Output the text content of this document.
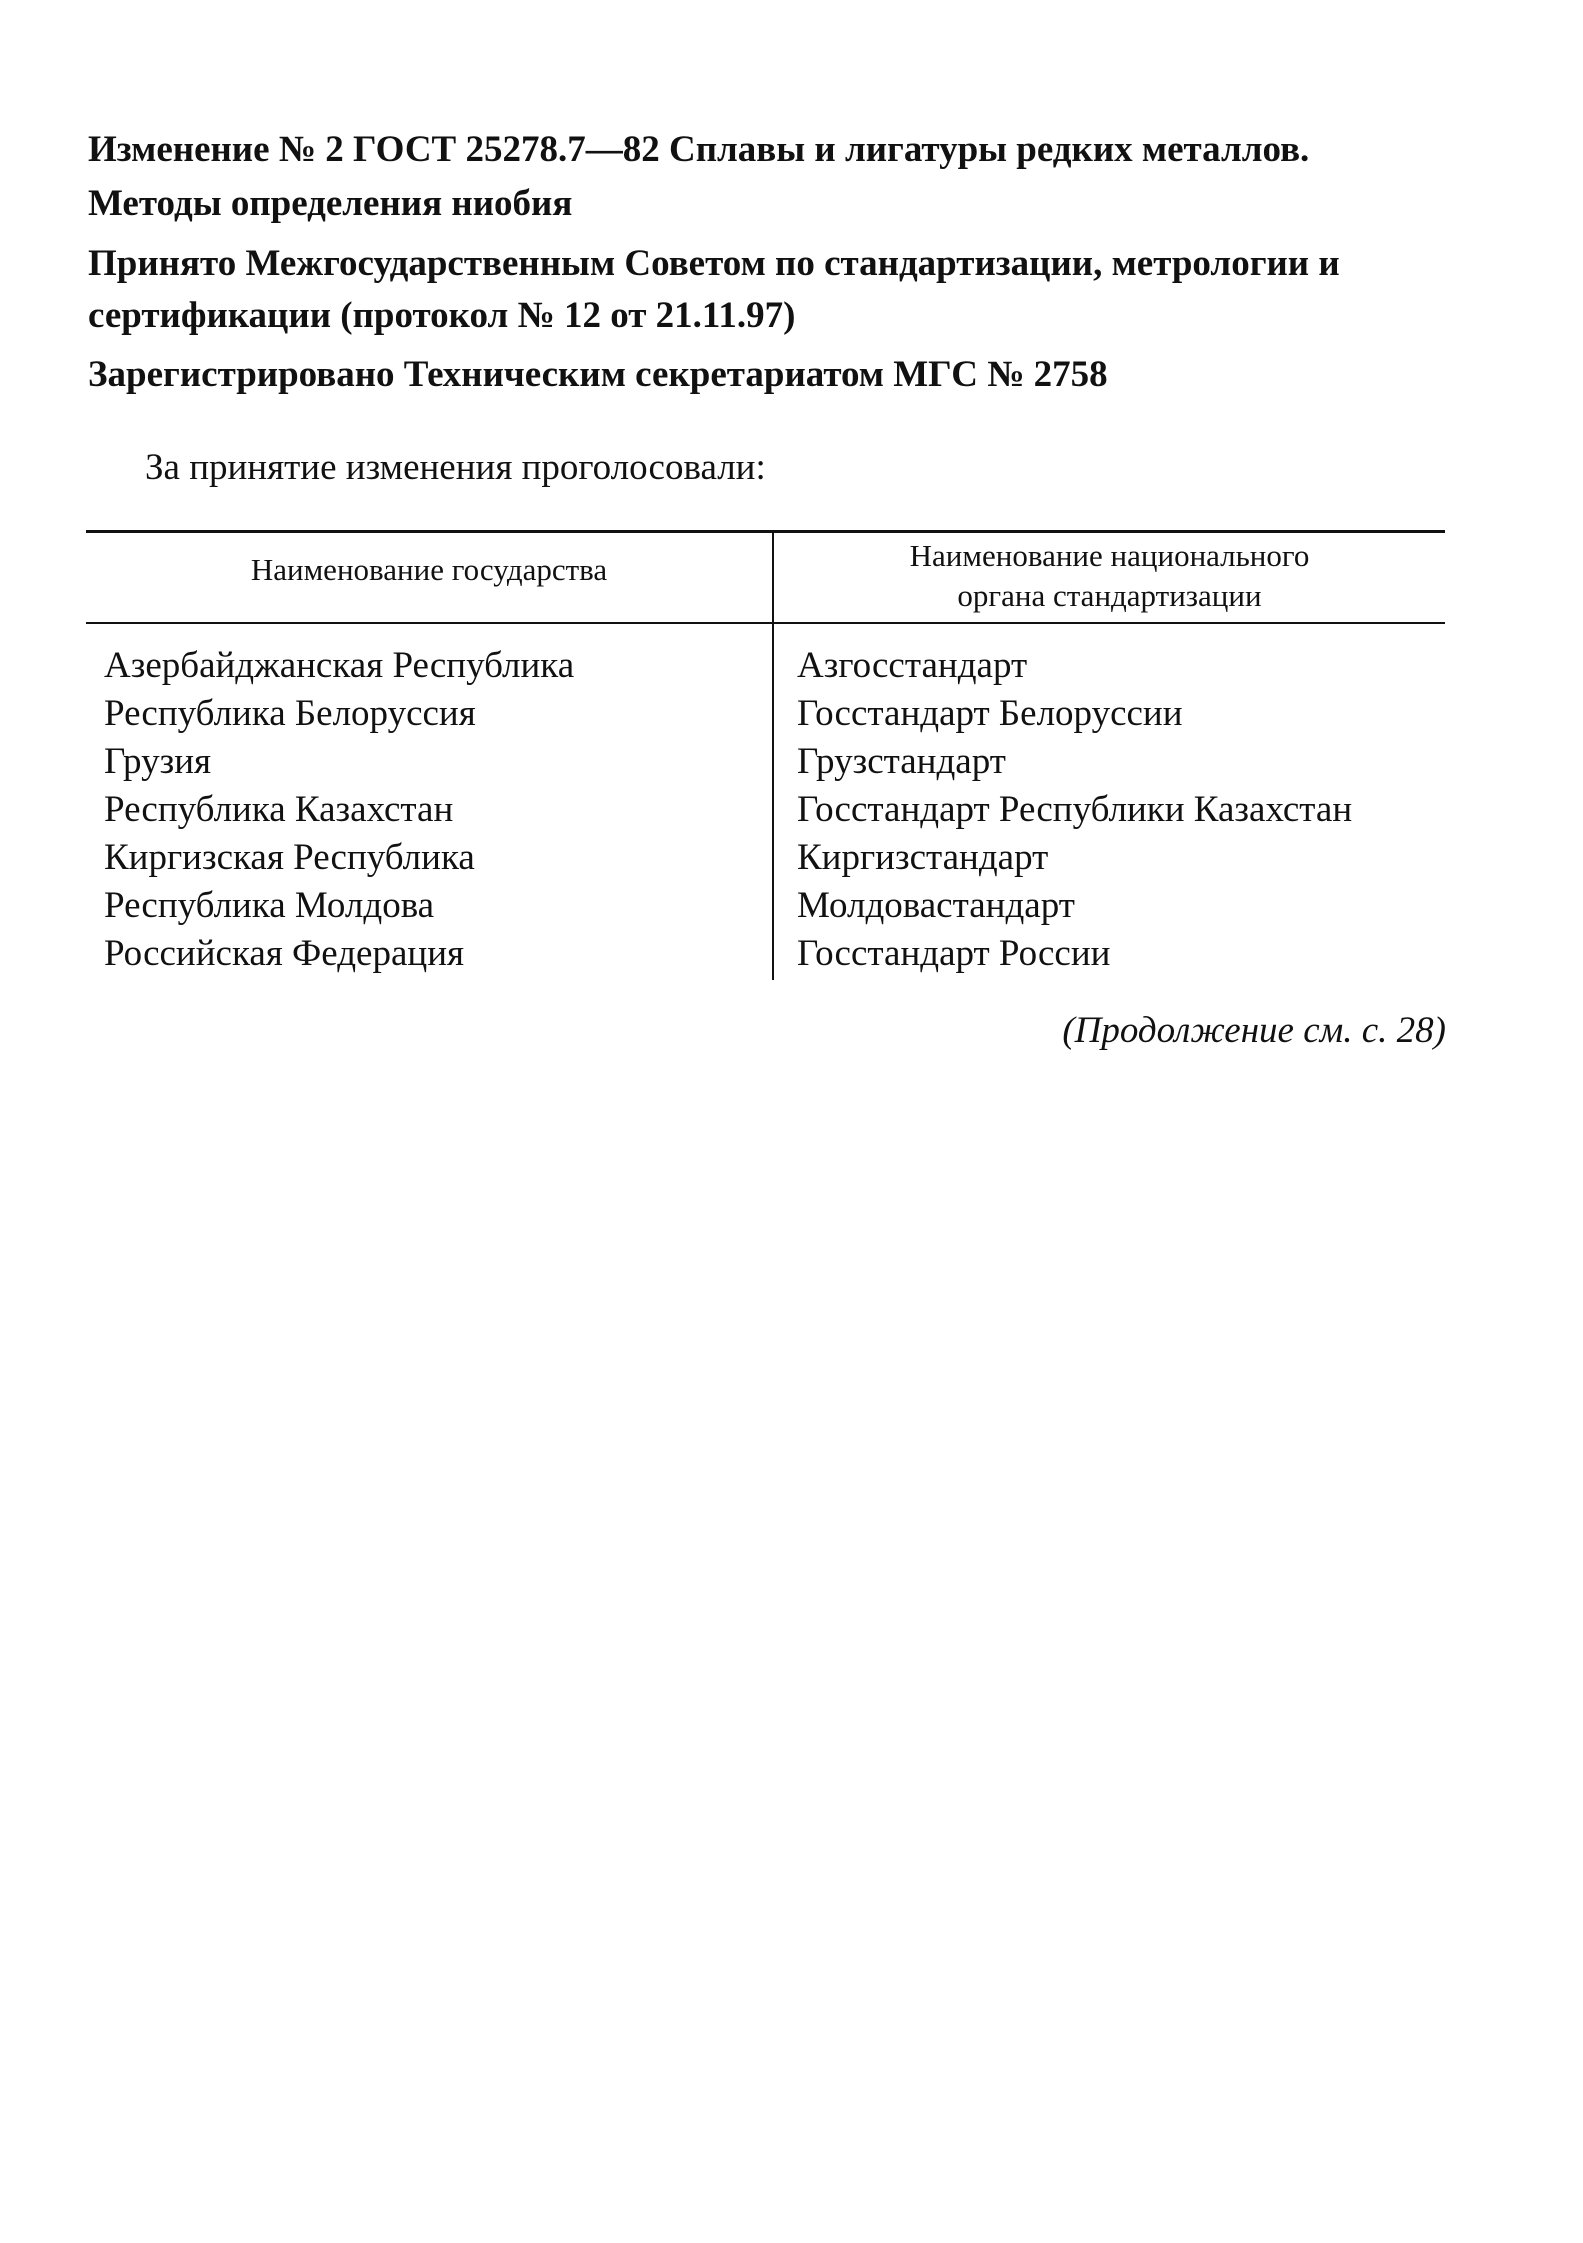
Изменение № 2 ГОСТ 25278.7—82 Сплавы и лигатуры редких металлов.
Методы определения ниобия
Принято Межгосударственным Советом по стандартизации, метрологии и
сертификации (протокол № 12 от 21.11.97)
Зарегистрировано Техническим секретариатом МГС № 2758
За принятие изменения проголосовали:
Наименование государства	Наименование национального
органа стандартизации
Азербайджанская Республика	Азгосстандарт
Республика Белоруссия	Госстандарт Белоруссии
Грузия	Грузстандарт
Республика Казахстан	Госстандарт Республики Казахстан
Киргизская Республика	Киргизстандарт
Республика Молдова	Молдовастандарт
Российская Федерация	Госстандарт России
(Продолжение см. с. 28)
